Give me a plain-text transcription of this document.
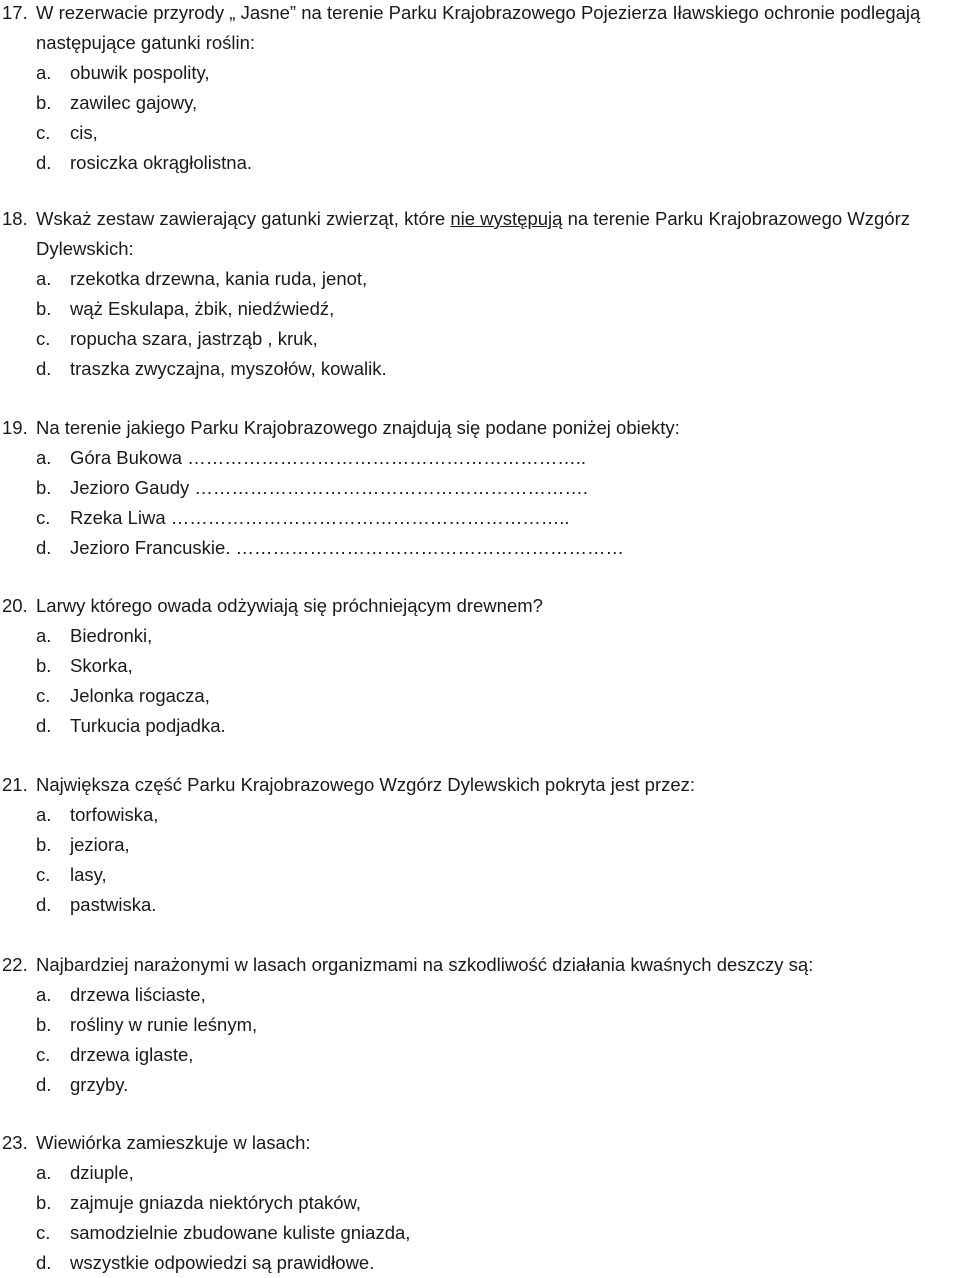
17. W rezerwacie przyrody „ Jasne” na terenie Parku Krajobrazowego Pojezierza Iławskiego ochronie podlegają
następujące gatunki roślin:
a. obuwik pospolity,
b. zawilec gajowy,
c. cis,
d. rosiczka okrągłolistna.
18. Wskaż zestaw zawierający gatunki zwierząt, które nie występują na terenie Parku Krajobrazowego Wzgórz
Dylewskich:
a. rzekotka drzewna, kania ruda, jenot,
b. wąż Eskulapa, żbik, niedźwiedź,
c. ropucha szara, jastrząb , kruk,
d. traszka zwyczajna, myszołów, kowalik.
19. Na terenie jakiego Parku Krajobrazowego znajdują się podane poniżej obiekty:
a. Góra Bukowa ………………………………………………………..
b. Jezioro Gaudy ……………………………………………………….
c. Rzeka Liwa ………………………………………………………..
d. Jezioro Francuskie. ………………………………………………………
20. Larwy którego owada odżywiają się próchniejącym drewnem?
a. Biedronki,
b. Skorka,
c. Jelonka rogacza,
d. Turkucia podjadka.
21. Największa część Parku Krajobrazowego Wzgórz Dylewskich pokryta jest przez:
a. torfowiska,
b. jeziora,
c. lasy,
d. pastwiska.
22. Najbardziej narażonymi w lasach organizmami na szkodliwość działania kwaśnych deszczy są:
a. drzewa liściaste,
b. rośliny w runie leśnym,
c. drzewa iglaste,
d. grzyby.
23. Wiewiórka zamieszkuje w lasach:
a. dziuple,
b. zajmuje gniazda niektórych ptaków,
c. samodzielnie zbudowane kuliste gniazda,
d. wszystkie odpowiedzi są prawidłowe.
